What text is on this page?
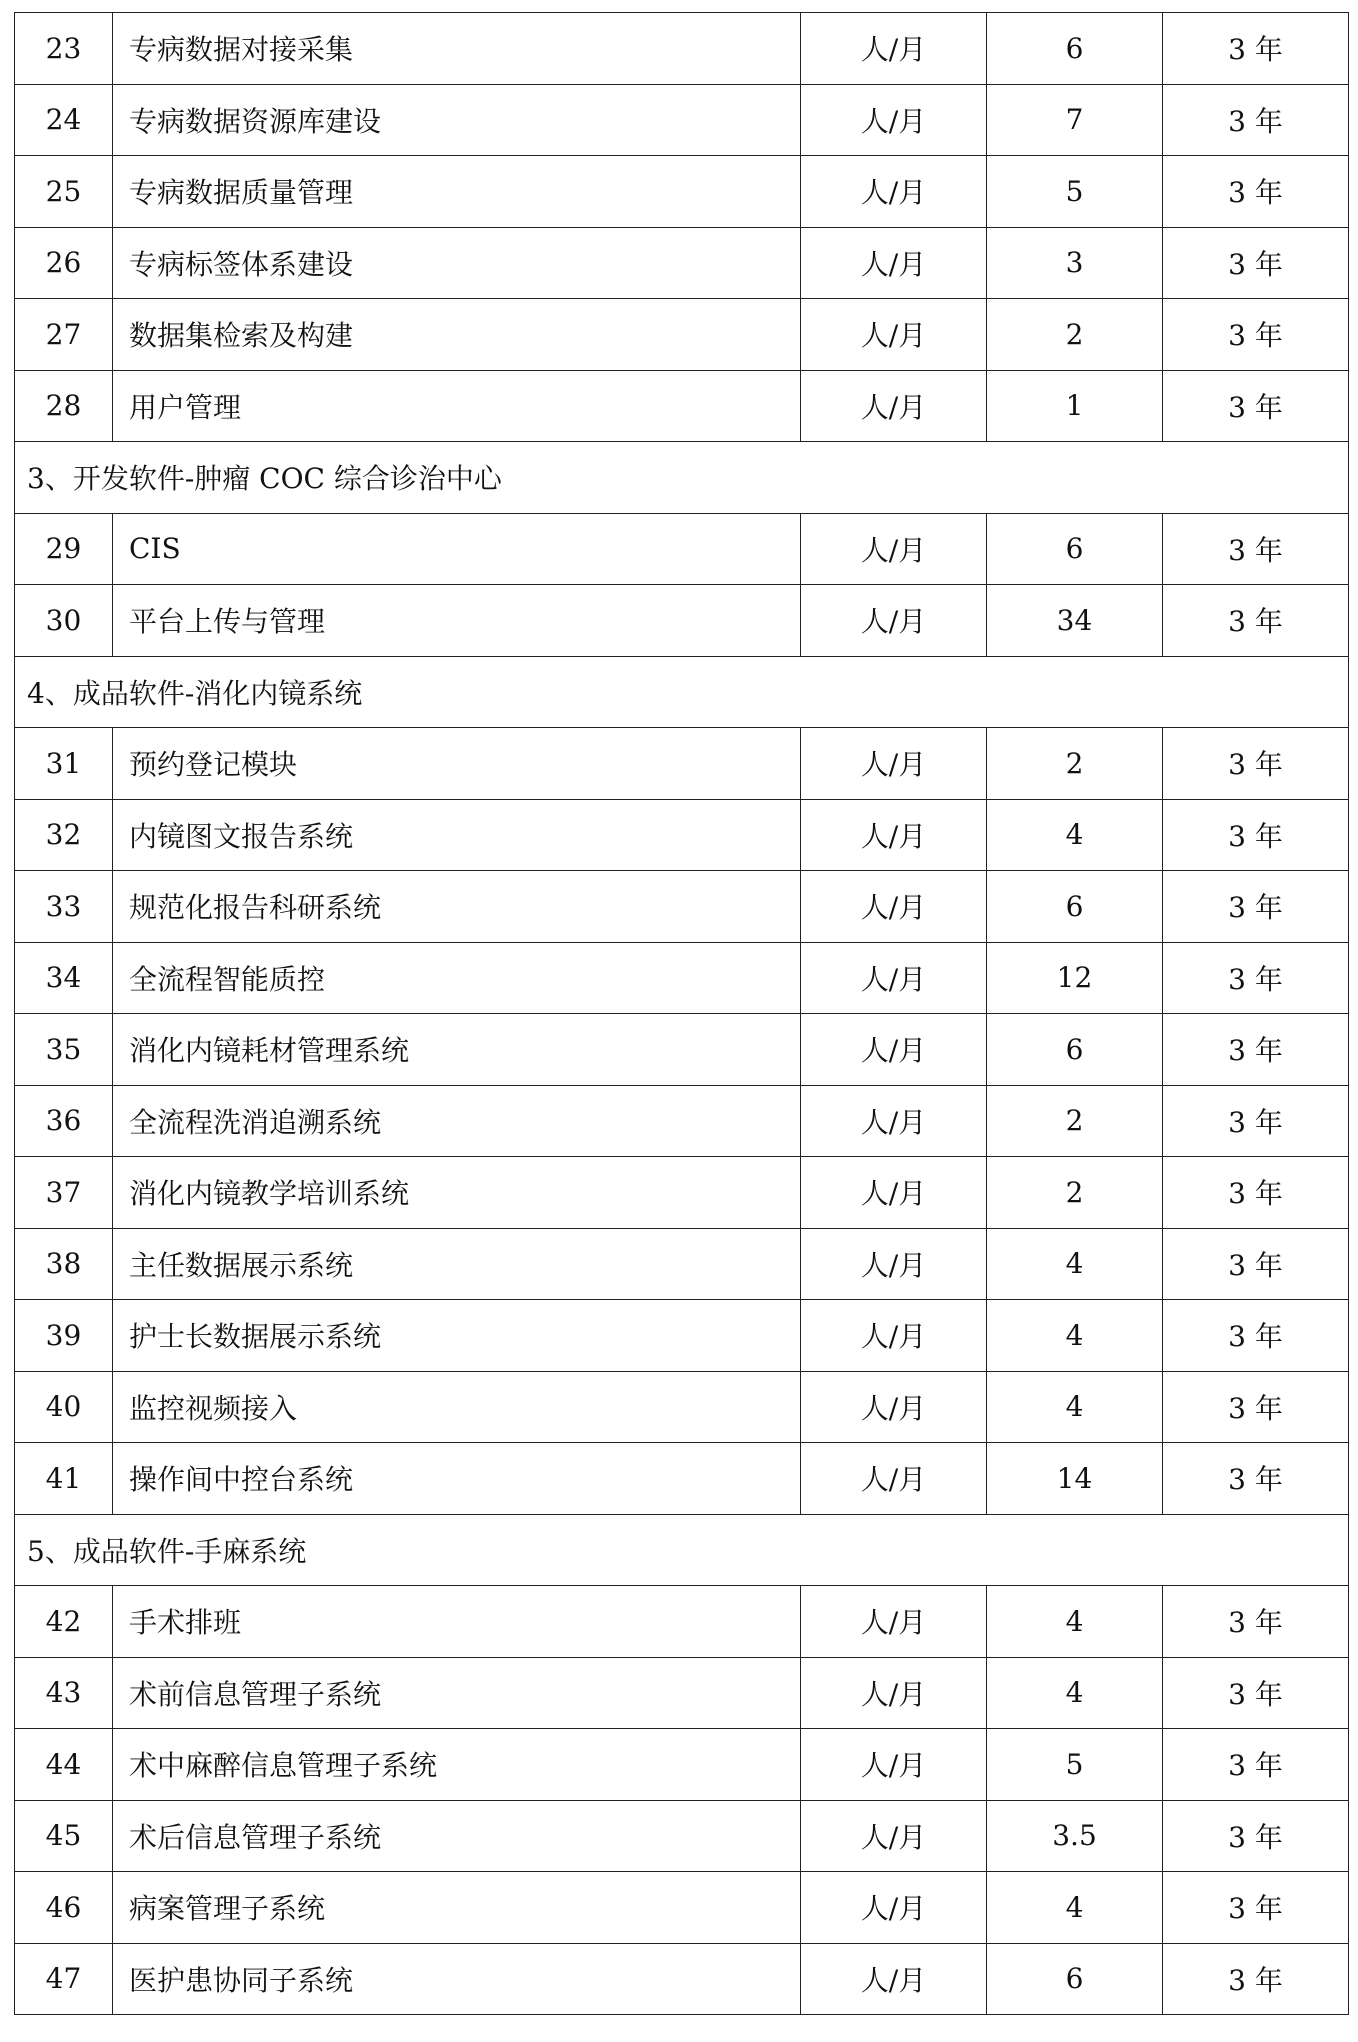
23	专病数据对接采集	人/月	6	3 年
24	专病数据资源库建设	人/月	7	3 年
25	专病数据质量管理	人/月	5	3 年
26	专病标签体系建设	人/月	3	3 年
27	数据集检索及构建	人/月	2	3 年
28	用户管理	人/月	1	3 年
3、开发软件-肿瘤 COC 综合诊治中心				
29	CIS	人/月	6	3 年
30	平台上传与管理	人/月	34	3 年
4、成品软件-消化内镜系统				
31	预约登记模块	人/月	2	3 年
32	内镜图文报告系统	人/月	4	3 年
33	规范化报告科研系统	人/月	6	3 年
34	全流程智能质控	人/月	12	3 年
35	消化内镜耗材管理系统	人/月	6	3 年
36	全流程洗消追溯系统	人/月	2	3 年
37	消化内镜教学培训系统	人/月	2	3 年
38	主任数据展示系统	人/月	4	3 年
39	护士长数据展示系统	人/月	4	3 年
40	监控视频接入	人/月	4	3 年
41	操作间中控台系统	人/月	14	3 年
5、成品软件-手麻系统				
42	手术排班	人/月	4	3 年
43	术前信息管理子系统	人/月	4	3 年
44	术中麻醉信息管理子系统	人/月	5	3 年
45	术后信息管理子系统	人/月	3.5	3 年
46	病案管理子系统	人/月	4	3 年
47	医护患协同子系统	人/月	6	3 年
